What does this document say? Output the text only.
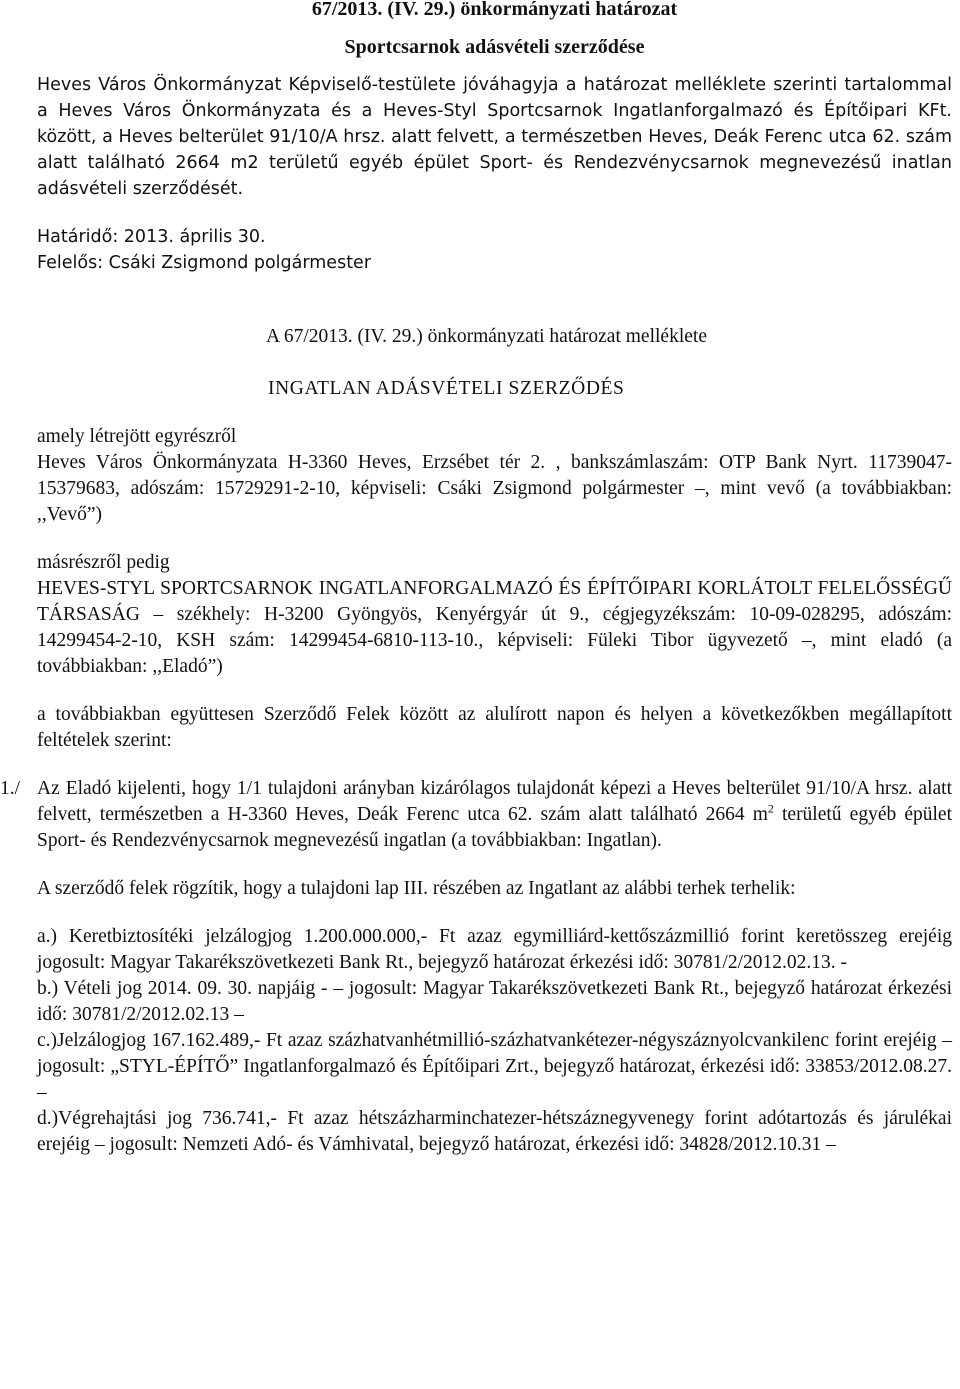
67/2013. (IV. 29.) önkormányzati határozat
Sportcsarnok adásvételi szerződése

Heves Város Önkormányzat Képviselő-testülete jóváhagyja a határozat melléklete szerinti tartalommal a Heves Város Önkormányzata és a Heves-Styl Sportcsarnok Ingatlanforgalmazó és Építőipari KFt. között, a Heves belterület 91/10/A hrsz. alatt felvett, a természetben Heves, Deák Ferenc utca 62. szám alatt található 2664 m2 területű egyéb épület Sport- és Rendezvénycsarnok megnevezésű inatlan adásvételi szerződését.

Határidő: 2013. április 30.

Felelős: Csáki Zsigmond polgármester

A 67/2013. (IV. 29.) önkormányzati határozat melléklete
INGATLAN ADÁSVÉTELI SZERZŐDÉS

amely létrejött egyrészről

Heves Város Önkormányzata H-3360 Heves, Erzsébet tér 2. , bankszámlaszám: OTP Bank Nyrt. 11739047-15379683, adószám: 15729291-2-10, képviseli: Csáki Zsigmond polgármester –, mint vevő (a továbbiakban: ,,Vevő”)

másrészről pedig

HEVES-STYL SPORTCSARNOK INGATLANFORGALMAZÓ ÉS ÉPÍTŐIPARI KORLÁTOLT FELELŐSSÉGŰ TÁRSASÁG – székhely: H-3200 Gyöngyös, Kenyérgyár út 9., cégjegyzékszám: 10-09-028295, adószám: 14299454-2-10, KSH szám: 14299454-6810-113-10., képviseli: Füleki Tibor ügyvezető –, mint eladó (a továbbiakban: ,,Eladó”)

a továbbiakban együttesen Szerződő Felek között az alulírott napon és helyen a következőkben megállapított feltételek szerint:

1./ Az Eladó kijelenti, hogy 1/1 tulajdoni arányban kizárólagos tulajdonát képezi a Heves belterület 91/10/A hrsz. alatt felvett, természetben a H-3360 Heves, Deák Ferenc utca 62. szám alatt található 2664 $m^2$ területű egyéb épület Sport- és Rendezvénycsarnok megnevezésű ingatlan (a továbbiakban: Ingatlan).

A szerződő felek rögzítik, hogy a tulajdoni lap III. részében az Ingatlant az alábbi terhek terhelik:

a.) Keretbiztosítéki jelzálogjog 1.200.000.000,- Ft azaz egymilliárd-kettőszázmillió forint keretösszeg erejéig jogosult: Magyar Takarékszövetkezeti Bank Rt., bejegyző határozat érkezési idő: 30781/2/2012.02.13. -

b.) Vételi jog 2014. 09. 30. napjáig - – jogosult: Magyar Takarékszövetkezeti Bank Rt., bejegyző határozat érkezési idő: 30781/2/2012.02.13 –

c.)Jelzálogjog 167.162.489,- Ft azaz százhatvanhétmillió-százhatvankétezer-négyszáznyolcvankilenc forint erejéig – jogosult: „STYL-ÉPÍTŐ” Ingatlanforgalmazó és Építőipari Zrt., bejegyző határozat, érkezési idő: 33853/2012.08.27. –

d.)Végrehajtási jog 736.741,- Ft azaz hétszázharminchatezer-hétszáznegyvenegy forint adótartozás és járulékai erejéig – jogosult: Nemzeti Adó- és Vámhivatal, bejegyző határozat, érkezési idő: 34828/2012.10.31 –
